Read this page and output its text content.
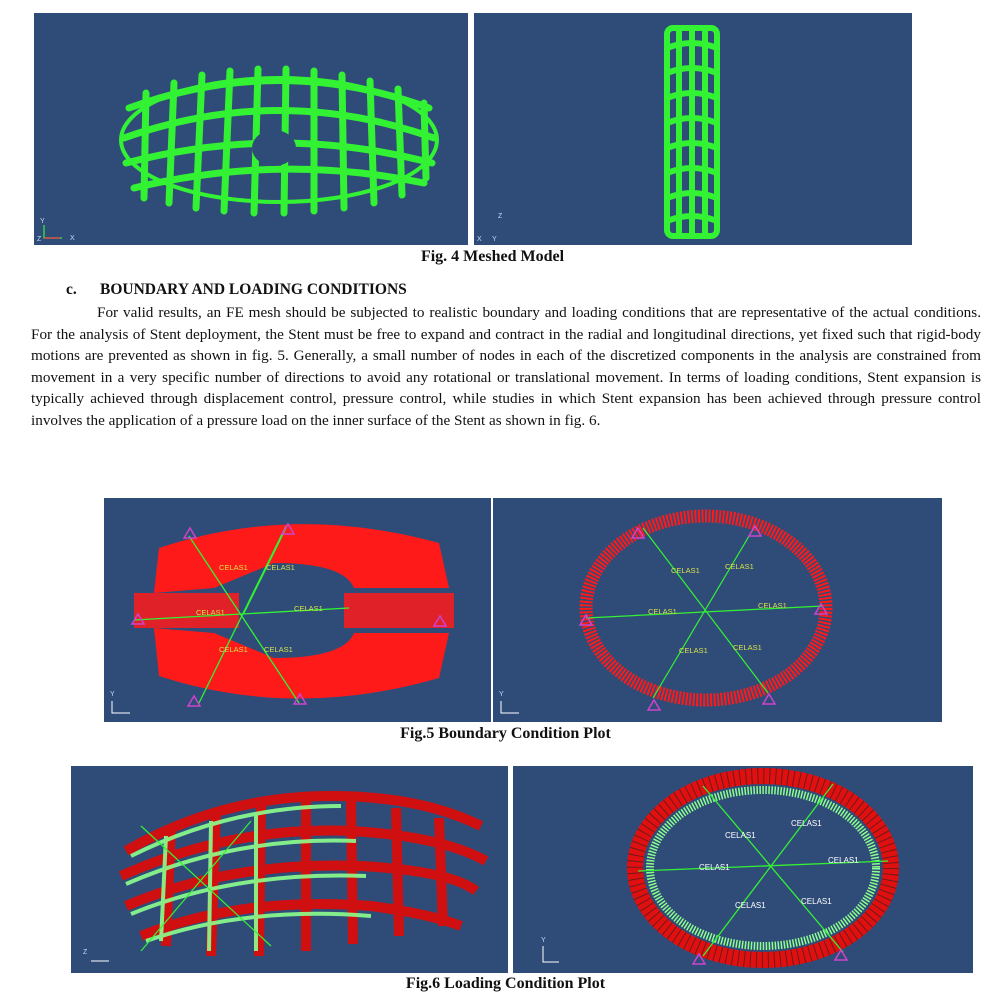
Y
Z	X
Z
X Y
Fig. 4 Meshed Model
c. BOUNDARY AND LOADING CONDITIONS
For valid results, an FE mesh should be subjected to realistic boundary and loading conditions that are representative of the actual conditions. For the analysis of Stent deployment, the Stent must be free to expand and contract in the radial and longitudinal directions, yet fixed such that rigid-body motions are prevented as shown in fig. 5. Generally, a small number of nodes in each of the discretized components in the analysis are constrained from movement in a very specific number of directions to avoid any rotational or translational movement. In terms of loading conditions, Stent expansion is typically achieved through displacement control, pressure control, while studies in which Stent expansion has been achieved through pressure control involves the application of a pressure load on the inner surface of the Stent as shown in fig. 6.
CELAS1 CELAS1
CELAS1	CELAS1
CELAS1 CELAS1
Y
CELAS1	CELAS1
CELAS1
CELAS1
CELAS1	CELAS1
Y
Fig.5 Boundary Condition Plot
Z
CELAS1
CELAS1
CELAS1
CELAS1
CELAS1	CELAS1
Y
Fig.6 Loading Condition Plot
